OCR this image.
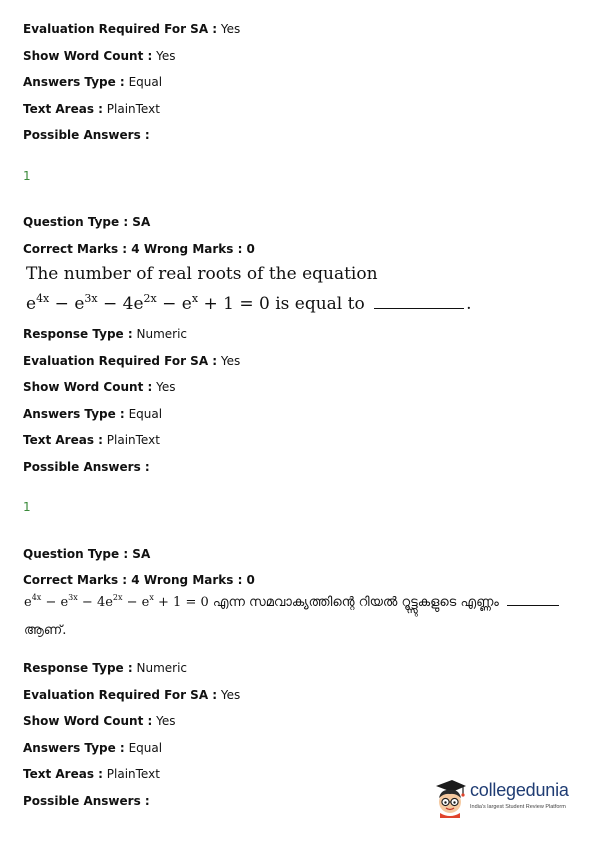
Evaluation Required For SA : Yes

Show Word Count : Yes

Answers Type : Equal

Text Areas : PlainText

Possible Answers :

1

Question Type : SA

Correct Marks : 4 Wrong Marks : 0

The number of real roots of the equation
$e^{4x} - e^{3x} - 4e^{2x} - e^x + 1 = 0$ is equal to	.

Response Type : Numeric

Evaluation Required For SA : Yes

Show Word Count : Yes

Answers Type : Equal

Text Areas : PlainText

Possible Answers :

1

Question Type : SA

Correct Marks : 4 Wrong Marks : 0

$e^{4x} - e^{3x} - 4e^{2x} - e^x + 1 = 0$ എന്ന സമവാക്യത്തിന്റെ റിയൽ റൂട്ട്സുകളുടെ എണ്ണം
ആണ്.

Response Type : Numeric

Evaluation Required For SA : Yes

Show Word Count : Yes

Answers Type : Equal

Text Areas : PlainText

Possible Answers :

collegedunia
India's largest Student Review Platform
